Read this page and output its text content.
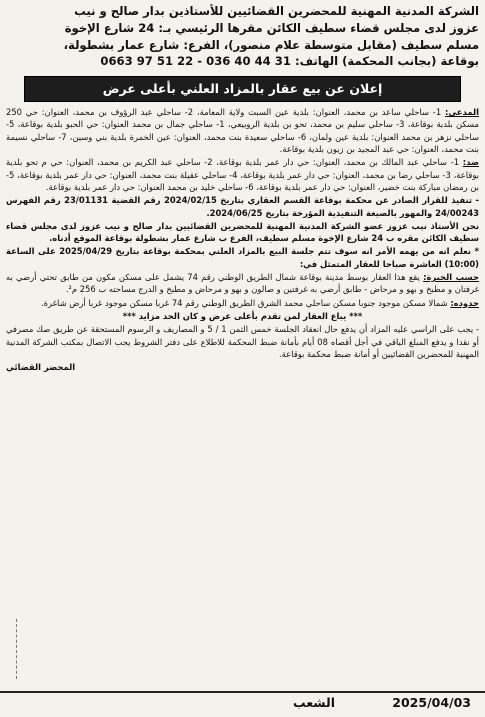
الشركة المدنية المهنية للمحضرين القضائيين للأستاذين بدار صالح و نيب
عزوز لدى مجلس قضاء سطيف الكائن مقرها الرئيسي بـ: 24 شارع الإخوة
مسلم سطيف (مقابل متوسطة علام منصور)، الفرع: شارع عمار بشطولة،
بوقاعة (بجانب المحكمة) الهاتف: 31 44 40 036 - 22 51 97 0663
إعلان عن بيع عقار بالمزاد العلني بأعلى عرض

المدعى: 1- ساحلي ساعد بن محمد، العنوان: بلدية عين السبت ولاية المعامة، 2- ساحلي عبد الرؤوف بن محمد، العنوان: حي 250 مسكن بلدية بوقاعة، 3- ساحلي سليم بن محمد، تحو بن بلدية الروبيعي، 1- ساحلي جمال بن محمد العنوان: حي الحبو بلدية بوقاعة، 5- ساحلي نزهر بن محمد العنوان: بلدية عين ولمان، 6- ساحلي سعيدة بنت محمد، العنوان: عين الخمرة بلدية بني وسين، 7- ساحلي نسيمة بنت محمد، العنوان: حي عبد المجيد بن زيون بلدية بوقاعة.

ضد: 1- ساحلي عبد المالك بن محمد، العنوان: حي دار عمر بلدية بوقاعة، 2- ساحلي عبد الكريم بن محمد، العنوان: حي م تحو بلدية بوقاعة، 3- ساحلي رضا بن محمد، العنوان: حي دار عمر بلدية بوقاعة، 4- ساحلي عقيلة بنت محمد، العنوان: حي دار عمر بلدية بوقاعة، 5- بن رمضان مباركة بنت خضير، العنوان: حي دار عمر بلدية بوقاعة، 6- ساحلي خليد بن محمد العنوان: حي دار عمر بلدية بوقاعة.

- تنفيذ للقرار الصادر عن محكمة بوقاعة القسم العقاري بتاريخ 2024/02/15 رقم القضية 23/01131 رقم الفهرس 24/00243 والمهور بالصيغة التنفيذية المؤرخة بتاريخ 2024/06/25.

نحن الأستاذ نيب عزوز عضو الشركة المدنية المهنية للمحضرين القضائيين بدار صالح و نيب عزوز لدى مجلس قضاء سطيف الكائن مقره ب 24 شارع الإخوة مسلم سطيف، الفرع ب شارع عمار بشطولة بوقاعة الموقع أدناه.

* نعلم انه من يهمه الأمر انه سوف تتم جلسة البيع بالمزاد العلني بمحكمة بوقاعة بتاريخ 2025/04/29 على الساعة (10:00) العاشرة صباحا للعقار المتمثل في:

حسب الخبرة: يقع هذا العقار بوسط مدينة بوقاعة شمال الطريق الوطني رقم 74 يشمل على مسكن مكون من طابق تحتي أرضي به غرفتان و مطبخ و بهو و مرحاض - طابق أرضي به غرفتين و صالون و بهو و مرحاض و مطبخ و الدرج مساحته ب 256 م².

حدوده: شمالا مسكن موجود جنوبا مسكن ساحلي محمد الشرق الطريق الوطني رقم 74 غربا مسكن موجود غربا أرض شاغرة.

*** يباع العقار لمن تقدم بأعلى عرض و كان الحد مزايد ***

- يجب على الراسي عليه المزاد أن يدفع حال انعقاد الجلسة خمس الثمن 1 / 5 و المصاريف و الرسوم المستحقة عن طريق صك مصرفي أو نقدا و يدفع المبلغ الباقي في أجل أقصاه 08 أيام بأمانة ضبط المحكمة للاطلاع على دفتر الشروط يجب الاتصال بمكتب الشركة المدنية المهنية للمحضرين القضائيين أو أمانة ضبط محكمة بوقاعة.

المحضر القضائي

الشعب	2025/04/03
